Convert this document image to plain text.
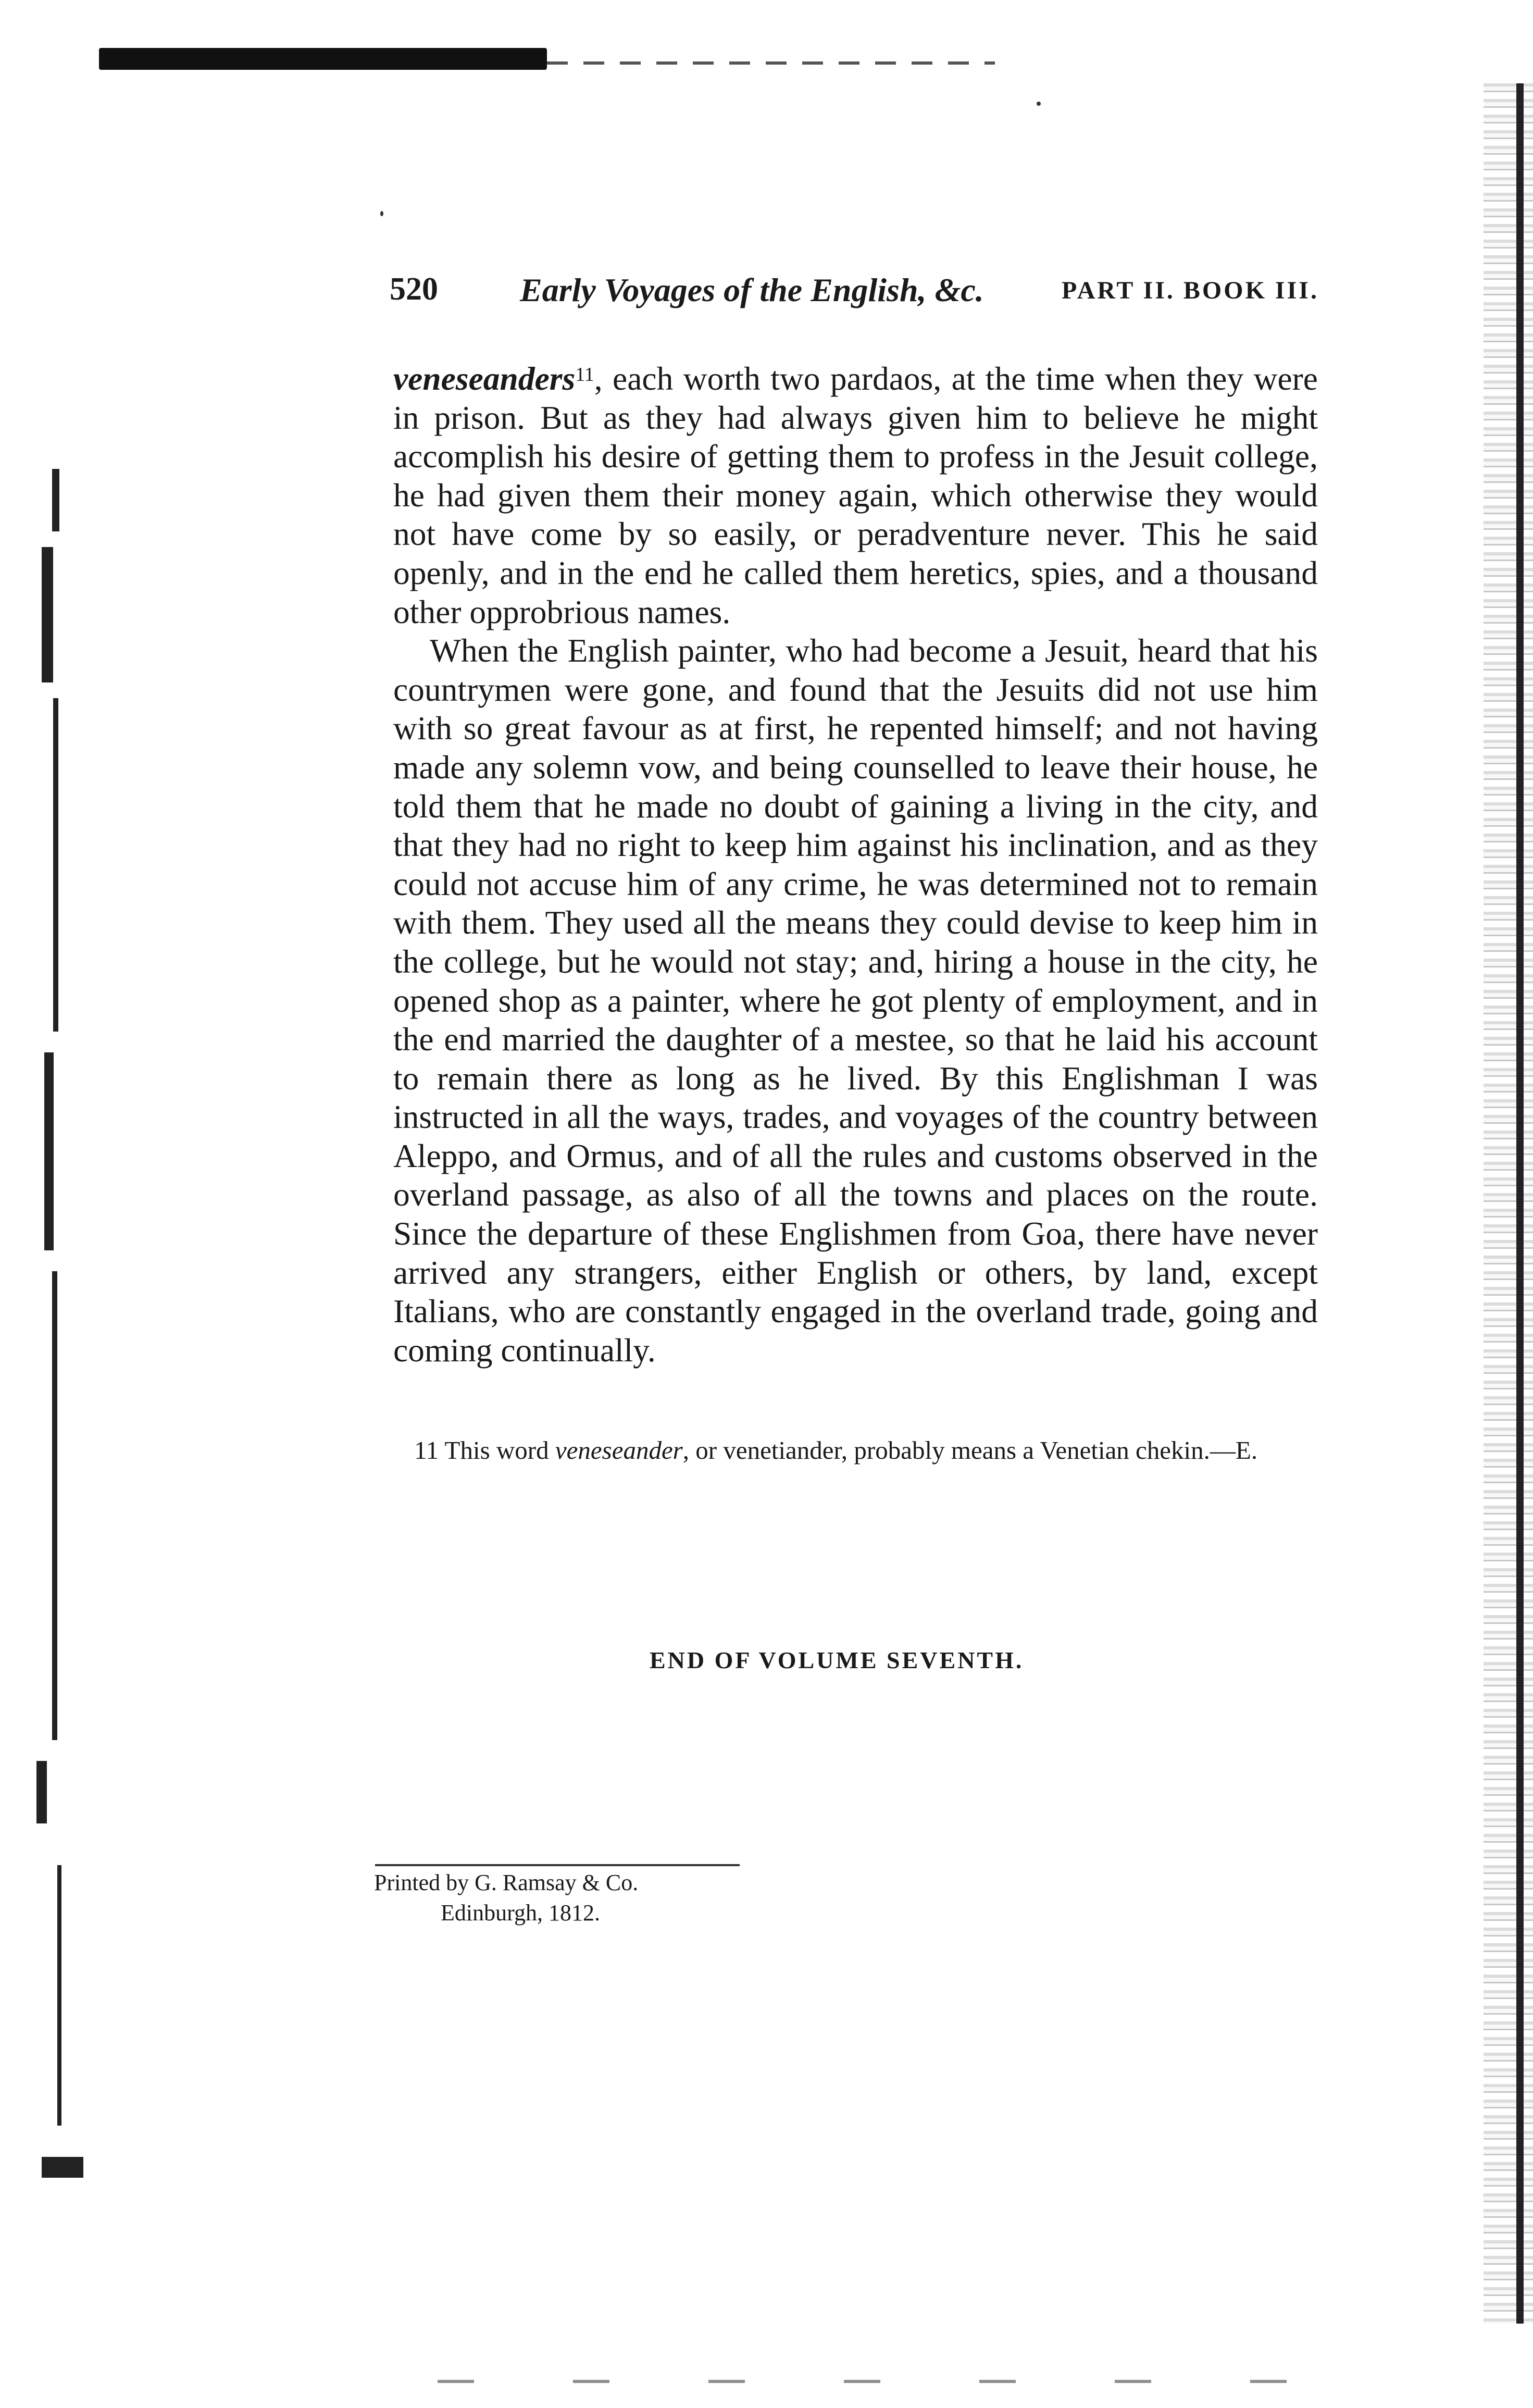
520 Early Voyages of the English, &c.	PART II. BOOK III.

veneseanders$^{11}$, each worth two pardaos, at the time when they were in prison. But as they had always given him to believe he might accomplish his desire of getting them to profess in the Jesuit college, he had given them their money again, which otherwise they would not have come by so easily, or peradventure never. This he said openly, and in the end he called them heretics, spies, and a thousand other opprobrious names.

When the English painter, who had become a Jesuit, heard that his countrymen were gone, and found that the Jesuits did not use him with so great favour as at first, he repented himself; and not having made any solemn vow, and being counselled to leave their house, he told them that he made no doubt of gaining a living in the city, and that they had no right to keep him against his inclination, and as they could not accuse him of any crime, he was determined not to remain with them. They used all the means they could devise to keep him in the college, but he would not stay; and, hiring a house in the city, he opened shop as a painter, where he got plenty of employment, and in the end married the daughter of a mestee, so that he laid his account to remain there as long as he lived. By this Englishman I was instructed in all the ways, trades, and voyages of the country between Aleppo, and Ormus, and of all the rules and customs observed in the overland passage, as also of all the towns and places on the route. Since the departure of these Englishmen from Goa, there have never arrived any strangers, either English or others, by land, except Italians, who are constantly engaged in the overland trade, going and coming continually.

11 This word veneseander, or venetiander, probably means a Venetian chekin.—E.
END OF VOLUME SEVENTH.
Printed by G. Ramsay & Co.
Edinburgh, 1812.
